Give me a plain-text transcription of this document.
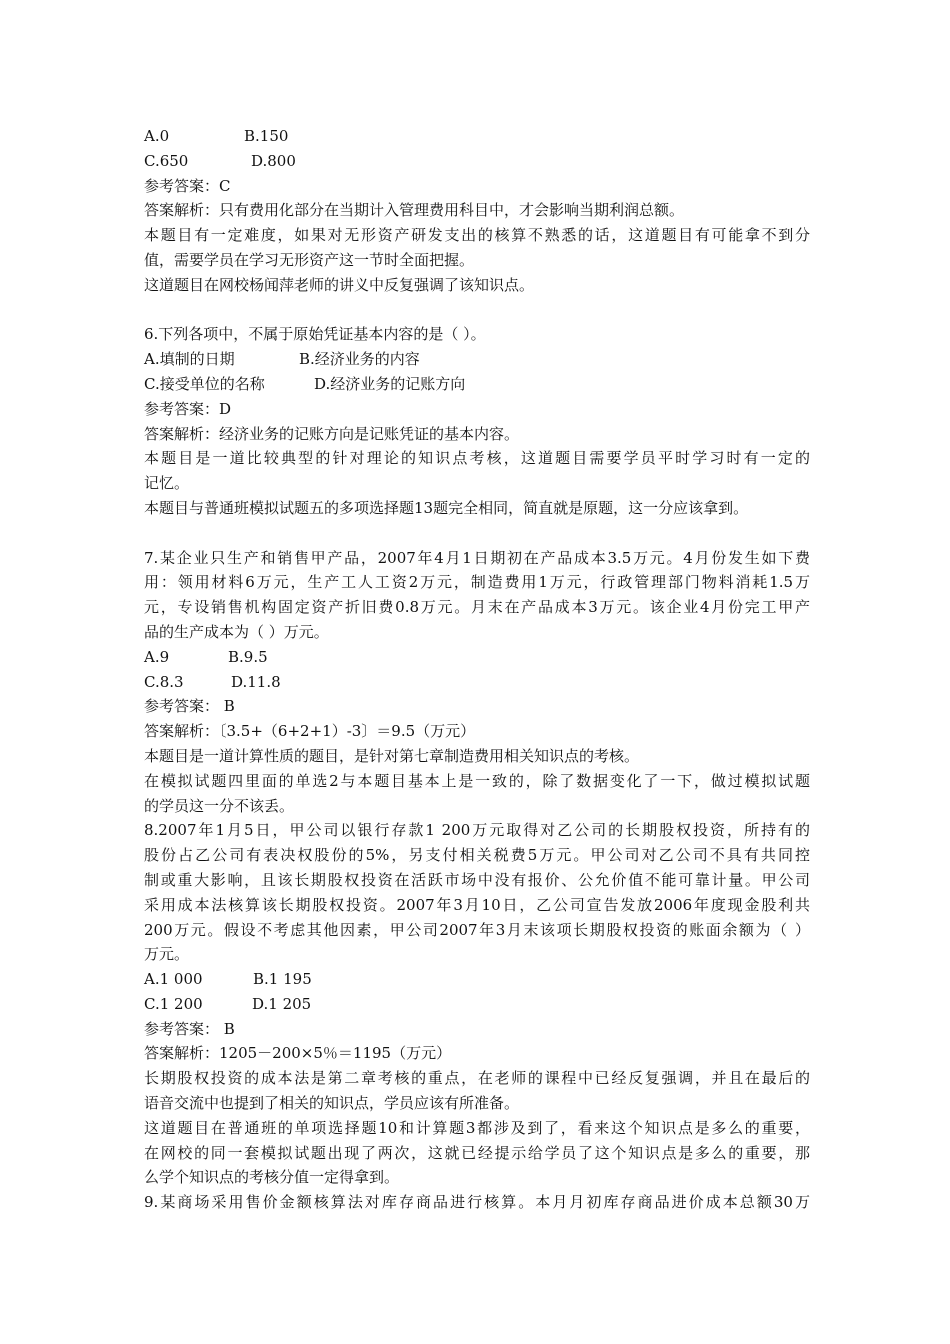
A.0	B.150
C.650	D.800
参考答案：C
答案解析：只有费用化部分在当期计入管理费用科目中，才会影响当期利润总额。
本题目有一定难度，如果对无形资产研发支出的核算不熟悉的话，这道题目有可能拿不到分
值，需要学员在学习无形资产这一节时全面把握。
这道题目在网校杨闻萍老师的讲义中反复强调了该知识点。
6.下列各项中，不属于原始凭证基本内容的是（ ）。
A.填制的日期	B.经济业务的内容
C.接受单位的名称	D.经济业务的记账方向
参考答案：D
答案解析：经济业务的记账方向是记账凭证的基本内容。
本题目是一道比较典型的针对理论的知识点考核，这道题目需要学员平时学习时有一定的
记忆。
本题目与普通班模拟试题五的多项选择题13题完全相同，简直就是原题，这一分应该拿到。
7.某企业只生产和销售甲产品，2007年4月1日期初在产品成本3.5万元。4月份发生如下费
用：领用材料6万元，生产工人工资2万元，制造费用1万元，行政管理部门物料消耗1.5万
元，专设销售机构固定资产折旧费0.8万元。月末在产品成本3万元。该企业4月份完工甲产
品的生产成本为（ ）万元。
A.9	B.9.5
C.8.3	D.11.8
参考答案： B
答案解析：〔3.5+（6+2+1）-3〕＝9.5（万元）
本题目是一道计算性质的题目，是针对第七章制造费用相关知识点的考核。
在模拟试题四里面的单选2与本题目基本上是一致的，除了数据变化了一下，做过模拟试题
的学员这一分不该丢。
8.2007年1月5日，甲公司以银行存款1 200万元取得对乙公司的长期股权投资，所持有的
股份占乙公司有表决权股份的5%，另支付相关税费5万元。甲公司对乙公司不具有共同控
制或重大影响，且该长期股权投资在活跃市场中没有报价、公允价值不能可靠计量。甲公司
采用成本法核算该长期股权投资。2007年3月10日，乙公司宣告发放2006年度现金股利共
200万元。假设不考虑其他因素，甲公司2007年3月末该项长期股权投资的账面余额为（ ）
万元。
A.1 000	B.1 195
C.1 200	D.1 205
参考答案： B
答案解析：1205－200×5％＝1195（万元）
长期股权投资的成本法是第二章考核的重点，在老师的课程中已经反复强调，并且在最后的
语音交流中也提到了相关的知识点，学员应该有所准备。
这道题目在普通班的单项选择题10和计算题3都涉及到了，看来这个知识点是多么的重要，
在网校的同一套模拟试题出现了两次，这就已经提示给学员了这个知识点是多么的重要，那
么学个知识点的考核分值一定得拿到。
9.某商场采用售价金额核算法对库存商品进行核算。本月月初库存商品进价成本总额30万
